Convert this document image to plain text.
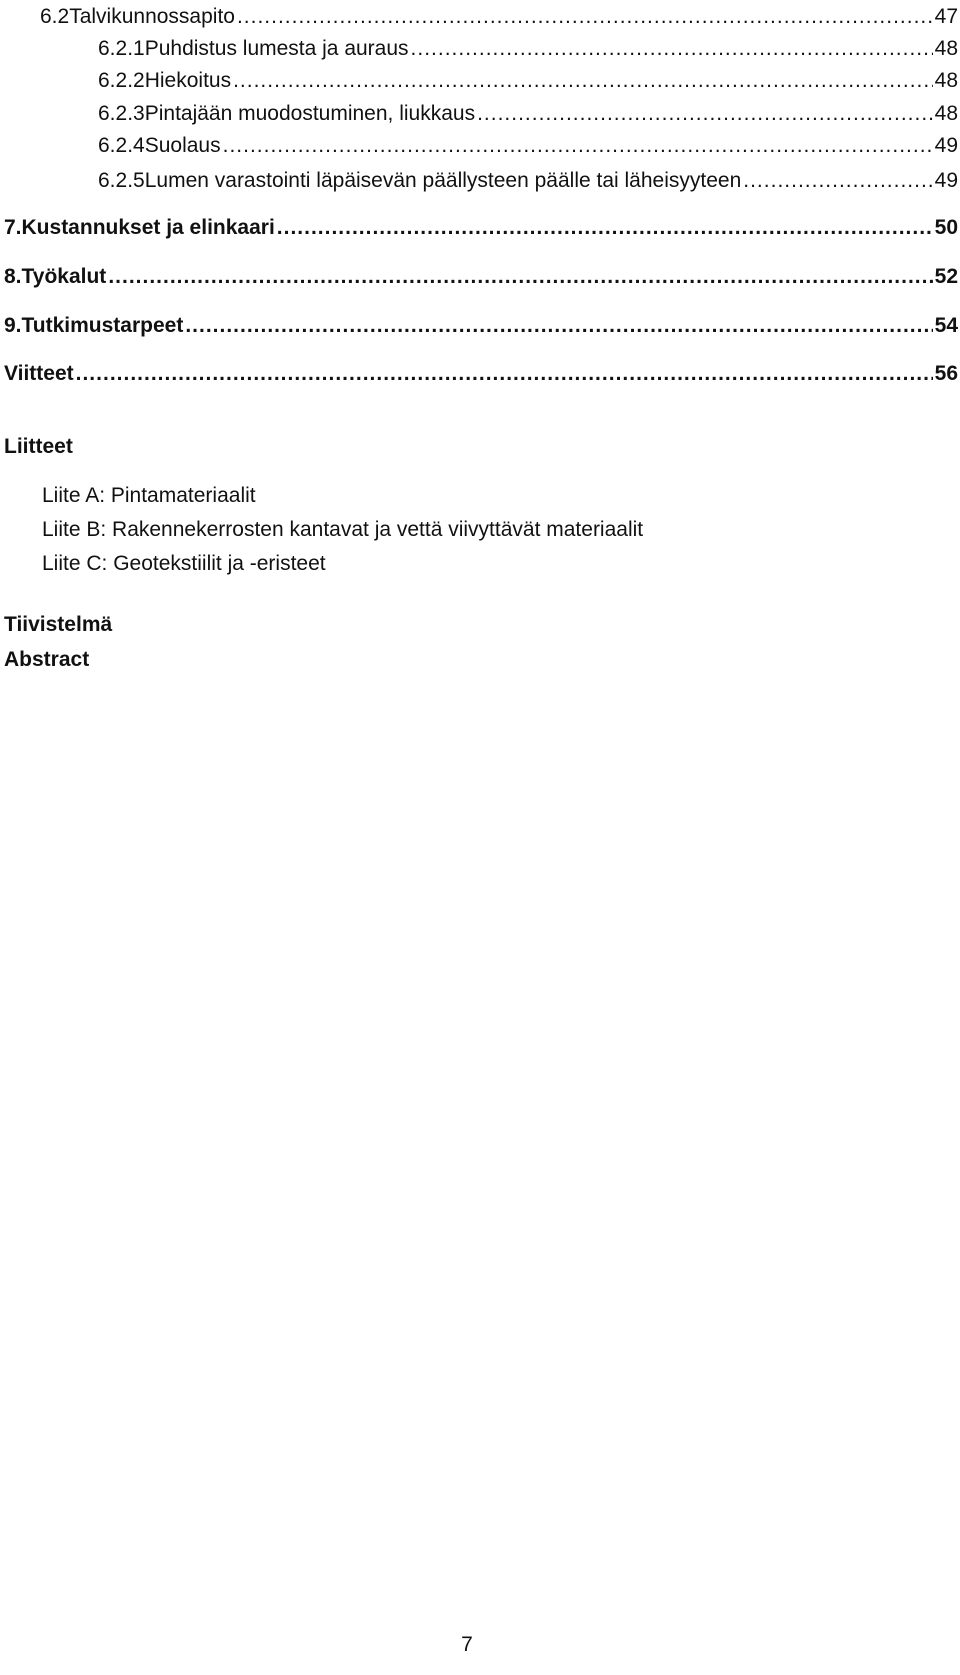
6.2 Talvikunnossapito .....	47
6.2.1 Puhdistus lumesta ja auraus .....	48
6.2.2 Hiekoitus .....	48
6.2.3 Pintajään muodostuminen, liukkaus .....	48
6.2.4 Suolaus .....	49
6.2.5 Lumen varastointi läpäisevän päällysteen päälle tai läheisyyteen .....	49
7. Kustannukset ja elinkaari .....	50
8. Työkalut .....	52
9. Tutkimustarpeet .....	54
Viitteet .....	56
Liitteet
Liite A: Pintamateriaalit
Liite B: Rakennekerrosten kantavat ja vettä viivyttävät materiaalit
Liite C: Geotekstiilit ja -eristeet
Tiivistelmä
Abstract
7
